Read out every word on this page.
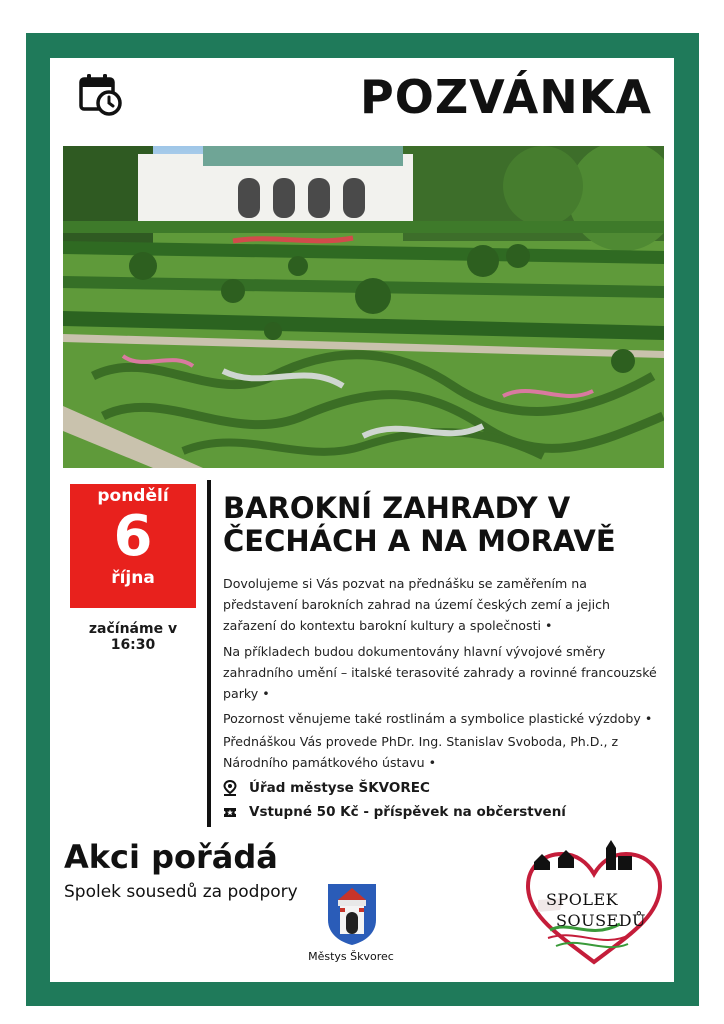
POZVÁNKA
pondělí
6
října
začínáme v 16:30
BAROKNÍ ZAHRADY V
ČECHÁCH A NA MORAVĚ
Dovolujeme si Vás pozvat na přednášku se zaměřením na představení barokních zahrad na území českých zemí a jejich zařazení do kontextu barokní kultury a společnosti •
Na příkladech budou dokumentovány hlavní vývojové směry zahradního umění – italské terasovité zahrady a rovinné francouzské parky •
Pozornost věnujeme také rostlinám a symbolice plastické výzdoby •
Přednáškou Vás provede PhDr. Ing. Stanislav Svoboda, Ph.D., z Národního památkového ústavu •
Úřad městyse ŠKVOREC
Vstupné 50 Kč - příspěvek na občerstvení
Akci pořádá
Spolek sousedů za podpory
Městys Škvorec
SPOLEK
SOUSEDŮ
